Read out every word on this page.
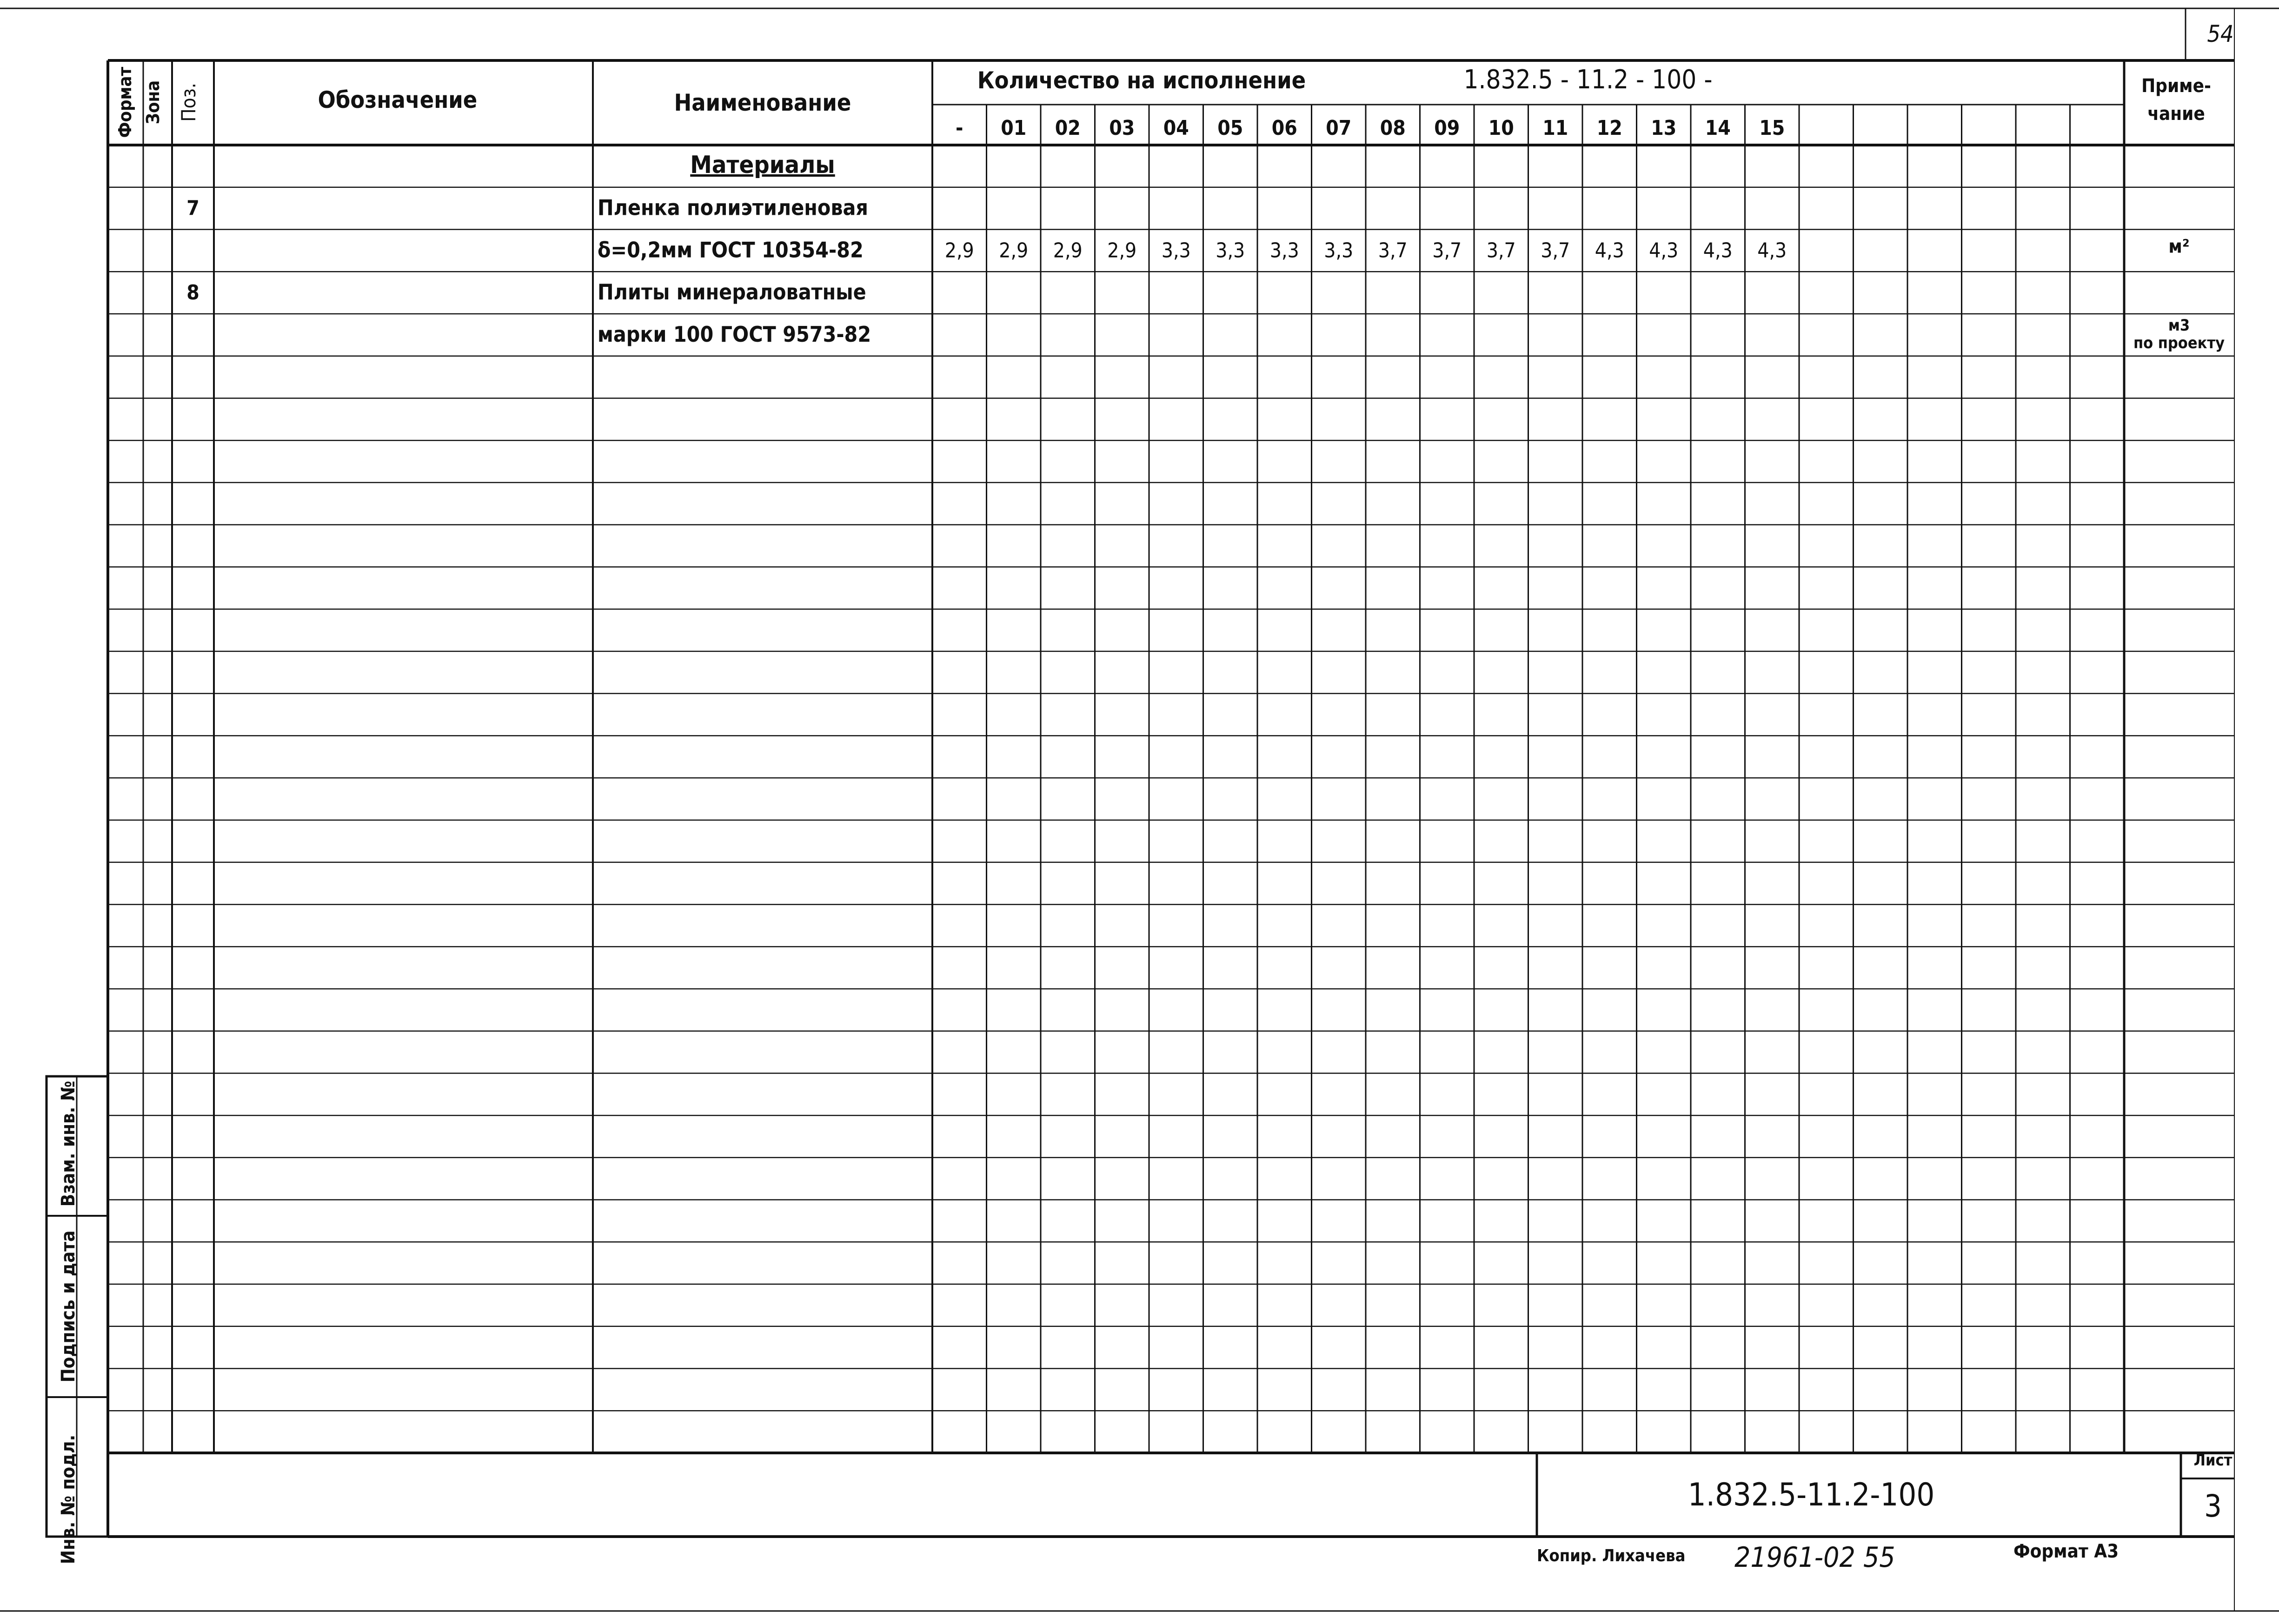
54
Инв. № подл.
Подпись и дата
Взам. инв. №
Формат Зона Поз.	Обозначение	Наименование
Количество на исполнение	1.832.5 - 11.2 - 100 -	Приме-
чание
- 01 02 03 04 05 06 07 08 09 10 11 12 13 14 15
Материалы
7	Пленка полиэтиленовая
δ=0,2мм ГОСТ 10354-82	2,9 2,9 2,9 2,9 3,3 3,3 3,3 3,3 3,7 3,7 3,7 3,7 4,3 4,3 4,3 4,3	м²
8	Плиты минераловатные
марки 100 ГОСТ 9573-82	м3
по проекту
1.832.5-11.2-100
Лист
3
Копир. Лихачева 21961-02 55	Формат А3
